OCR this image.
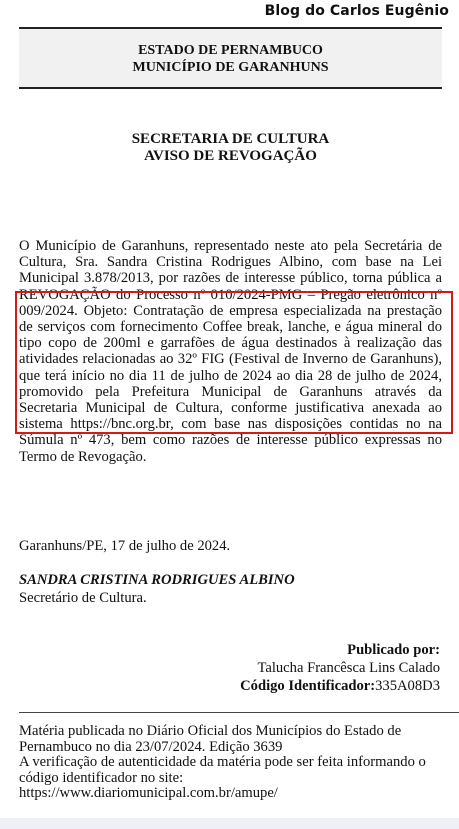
Blog do Carlos Eugênio
ESTADO DE PERNAMBUCO
MUNICÍPIO DE GARANHUNS
SECRETARIA DE CULTURA
AVISO DE REVOGAÇÃO

O Município de Garanhuns, representado neste ato pela Secretária de Cultura, Sra. Sandra Cristina Rodrigues Albino, com base na Lei Municipal 3.878/2013, por razões de interesse público, torna pública a REVOGAÇÃO do Processo nº 010/2024-PMG – Pregão eletrônico nº 009/2024. Objeto: Contratação de empresa especializada na prestação de serviços com fornecimento Coffee break, lanche, e água mineral do tipo copo de 200ml e garrafões de água destinados à realização das atividades relacionadas ao 32º FIG (Festival de Inverno de Garanhuns), que terá início no dia 11 de julho de 2024 ao dia 28 de julho de 2024, promovido pela Prefeitura Municipal de Garanhuns através da Secretaria Municipal de Cultura, conforme justificativa anexada ao sistema https://bnc.org.br, com base nas disposições contidas no na Súmula nº 473, bem como razões de interesse público expressas no Termo de Revogação.

Garanhuns/PE, 17 de julho de 2024.
SANDRA CRISTINA RODRIGUES ALBINO
Secretário de Cultura.
Publicado por:
Talucha Francêsca Lins Calado
Código Identificador:335A08D3
Matéria publicada no Diário Oficial dos Municípios do Estado de Pernambuco no dia 23/07/2024. Edição 3639
A verificação de autenticidade da matéria pode ser feita informando o código identificador no site:
https://www.diariomunicipal.com.br/amupe/
